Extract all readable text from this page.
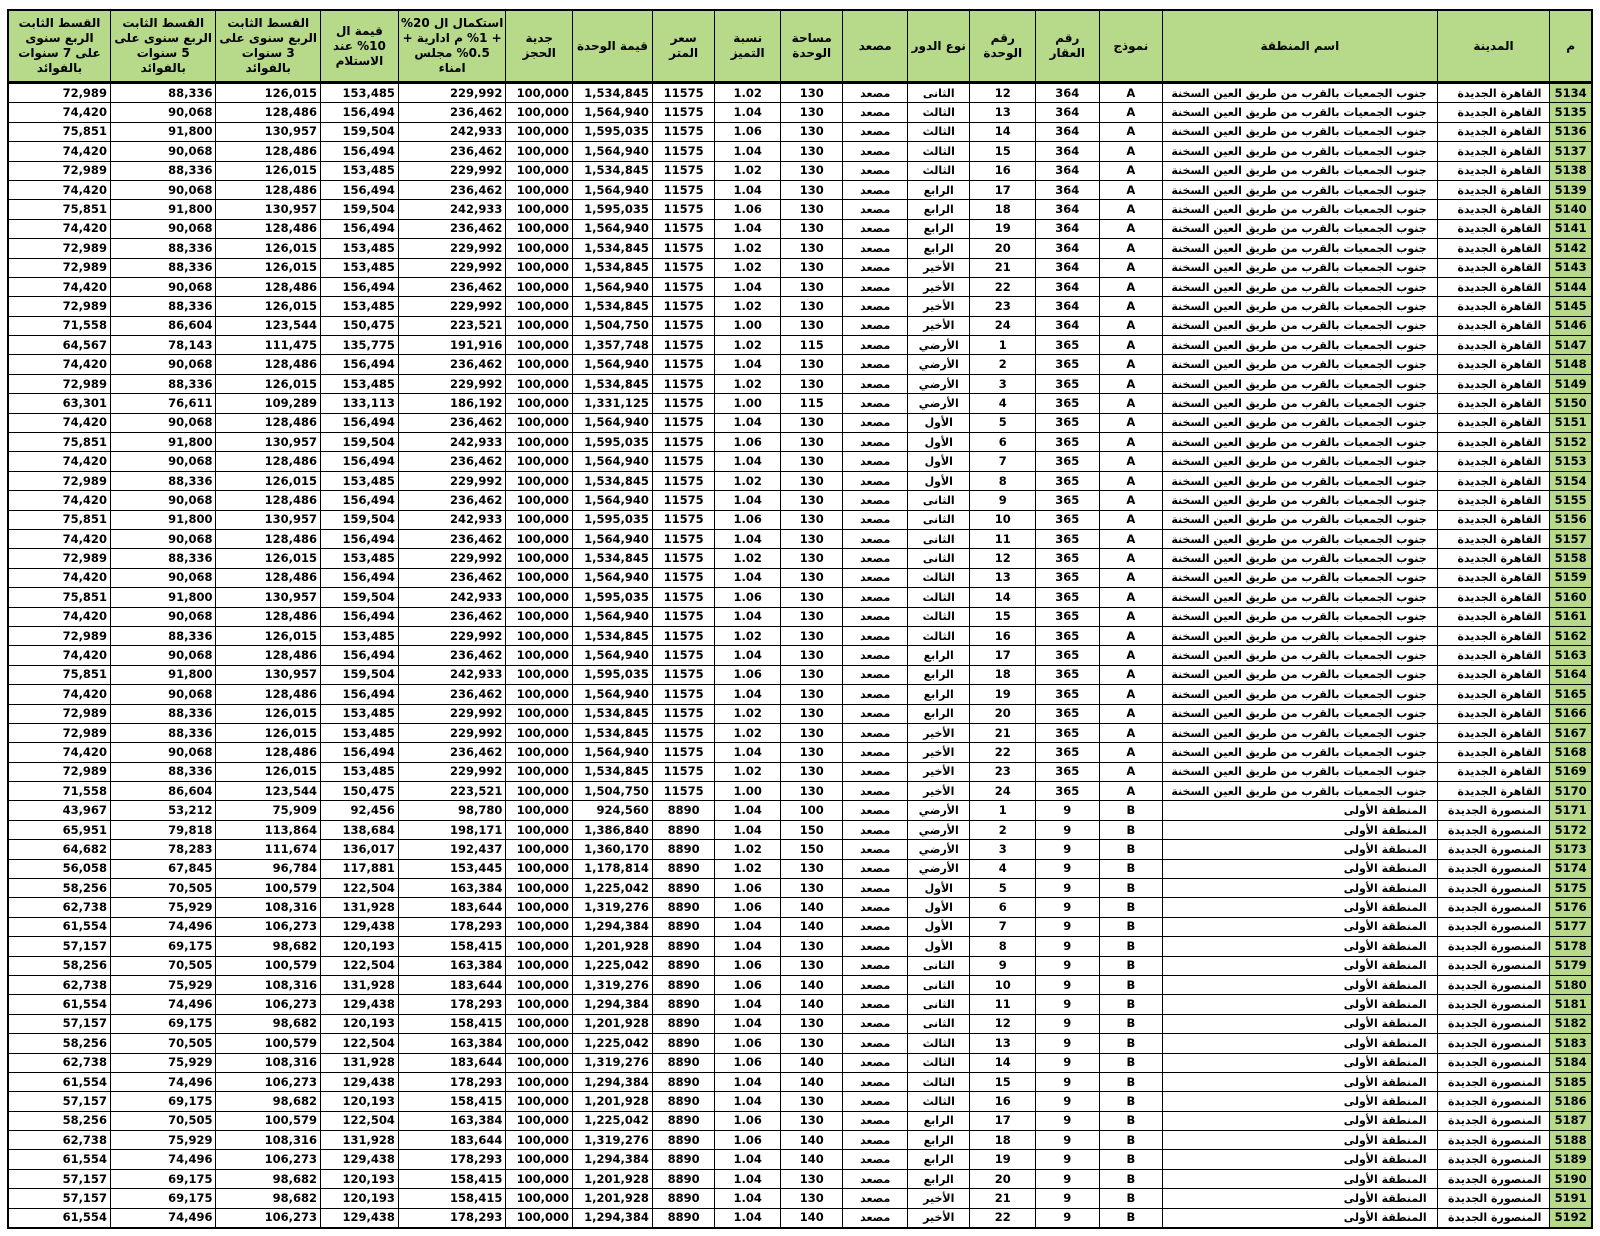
القسط الثابت الربع سنوى على 7 سنوات بالفوائد	القسط الثابت الربع سنوى على 5 سنوات بالفوائد	القسط الثابت الربع سنوى على 3 سنوات بالفوائد	قيمة ال 10% عند الاستلام	استكمال ال 20% + 1% م ادارية + 0.5% مجلس امناء	جدية الحجز	قيمة الوحدة	سعر المتر	نسبة التميز	مساحة الوحدة	مصعد	نوع الدور	رقم الوحدة	رقم العقار	نموذج	اسم المنطقة	المدينة	م
72,989	88,336	126,015	153,485	229,992	100,000	1,534,845	11575	1.02	130	مصعد	الثانى	12	364	A	جنوب الجمعيات بالقرب من طريق العين السخنة	القاهرة الجديدة	5134
74,420	90,068	128,486	156,494	236,462	100,000	1,564,940	11575	1.04	130	مصعد	الثالث	13	364	A	جنوب الجمعيات بالقرب من طريق العين السخنة	القاهرة الجديدة	5135
75,851	91,800	130,957	159,504	242,933	100,000	1,595,035	11575	1.06	130	مصعد	الثالث	14	364	A	جنوب الجمعيات بالقرب من طريق العين السخنة	القاهرة الجديدة	5136
74,420	90,068	128,486	156,494	236,462	100,000	1,564,940	11575	1.04	130	مصعد	الثالث	15	364	A	جنوب الجمعيات بالقرب من طريق العين السخنة	القاهرة الجديدة	5137
72,989	88,336	126,015	153,485	229,992	100,000	1,534,845	11575	1.02	130	مصعد	الثالث	16	364	A	جنوب الجمعيات بالقرب من طريق العين السخنة	القاهرة الجديدة	5138
74,420	90,068	128,486	156,494	236,462	100,000	1,564,940	11575	1.04	130	مصعد	الرابع	17	364	A	جنوب الجمعيات بالقرب من طريق العين السخنة	القاهرة الجديدة	5139
75,851	91,800	130,957	159,504	242,933	100,000	1,595,035	11575	1.06	130	مصعد	الرابع	18	364	A	جنوب الجمعيات بالقرب من طريق العين السخنة	القاهرة الجديدة	5140
74,420	90,068	128,486	156,494	236,462	100,000	1,564,940	11575	1.04	130	مصعد	الرابع	19	364	A	جنوب الجمعيات بالقرب من طريق العين السخنة	القاهرة الجديدة	5141
72,989	88,336	126,015	153,485	229,992	100,000	1,534,845	11575	1.02	130	مصعد	الرابع	20	364	A	جنوب الجمعيات بالقرب من طريق العين السخنة	القاهرة الجديدة	5142
72,989	88,336	126,015	153,485	229,992	100,000	1,534,845	11575	1.02	130	مصعد	الأخير	21	364	A	جنوب الجمعيات بالقرب من طريق العين السخنة	القاهرة الجديدة	5143
74,420	90,068	128,486	156,494	236,462	100,000	1,564,940	11575	1.04	130	مصعد	الأخير	22	364	A	جنوب الجمعيات بالقرب من طريق العين السخنة	القاهرة الجديدة	5144
72,989	88,336	126,015	153,485	229,992	100,000	1,534,845	11575	1.02	130	مصعد	الأخير	23	364	A	جنوب الجمعيات بالقرب من طريق العين السخنة	القاهرة الجديدة	5145
71,558	86,604	123,544	150,475	223,521	100,000	1,504,750	11575	1.00	130	مصعد	الأخير	24	364	A	جنوب الجمعيات بالقرب من طريق العين السخنة	القاهرة الجديدة	5146
64,567	78,143	111,475	135,775	191,916	100,000	1,357,748	11575	1.02	115	مصعد	الأرضي	1	365	A	جنوب الجمعيات بالقرب من طريق العين السخنة	القاهرة الجديدة	5147
74,420	90,068	128,486	156,494	236,462	100,000	1,564,940	11575	1.04	130	مصعد	الأرضي	2	365	A	جنوب الجمعيات بالقرب من طريق العين السخنة	القاهرة الجديدة	5148
72,989	88,336	126,015	153,485	229,992	100,000	1,534,845	11575	1.02	130	مصعد	الأرضي	3	365	A	جنوب الجمعيات بالقرب من طريق العين السخنة	القاهرة الجديدة	5149
63,301	76,611	109,289	133,113	186,192	100,000	1,331,125	11575	1.00	115	مصعد	الأرضي	4	365	A	جنوب الجمعيات بالقرب من طريق العين السخنة	القاهرة الجديدة	5150
74,420	90,068	128,486	156,494	236,462	100,000	1,564,940	11575	1.04	130	مصعد	الأول	5	365	A	جنوب الجمعيات بالقرب من طريق العين السخنة	القاهرة الجديدة	5151
75,851	91,800	130,957	159,504	242,933	100,000	1,595,035	11575	1.06	130	مصعد	الأول	6	365	A	جنوب الجمعيات بالقرب من طريق العين السخنة	القاهرة الجديدة	5152
74,420	90,068	128,486	156,494	236,462	100,000	1,564,940	11575	1.04	130	مصعد	الأول	7	365	A	جنوب الجمعيات بالقرب من طريق العين السخنة	القاهرة الجديدة	5153
72,989	88,336	126,015	153,485	229,992	100,000	1,534,845	11575	1.02	130	مصعد	الأول	8	365	A	جنوب الجمعيات بالقرب من طريق العين السخنة	القاهرة الجديدة	5154
74,420	90,068	128,486	156,494	236,462	100,000	1,564,940	11575	1.04	130	مصعد	الثانى	9	365	A	جنوب الجمعيات بالقرب من طريق العين السخنة	القاهرة الجديدة	5155
75,851	91,800	130,957	159,504	242,933	100,000	1,595,035	11575	1.06	130	مصعد	الثانى	10	365	A	جنوب الجمعيات بالقرب من طريق العين السخنة	القاهرة الجديدة	5156
74,420	90,068	128,486	156,494	236,462	100,000	1,564,940	11575	1.04	130	مصعد	الثانى	11	365	A	جنوب الجمعيات بالقرب من طريق العين السخنة	القاهرة الجديدة	5157
72,989	88,336	126,015	153,485	229,992	100,000	1,534,845	11575	1.02	130	مصعد	الثانى	12	365	A	جنوب الجمعيات بالقرب من طريق العين السخنة	القاهرة الجديدة	5158
74,420	90,068	128,486	156,494	236,462	100,000	1,564,940	11575	1.04	130	مصعد	الثالث	13	365	A	جنوب الجمعيات بالقرب من طريق العين السخنة	القاهرة الجديدة	5159
75,851	91,800	130,957	159,504	242,933	100,000	1,595,035	11575	1.06	130	مصعد	الثالث	14	365	A	جنوب الجمعيات بالقرب من طريق العين السخنة	القاهرة الجديدة	5160
74,420	90,068	128,486	156,494	236,462	100,000	1,564,940	11575	1.04	130	مصعد	الثالث	15	365	A	جنوب الجمعيات بالقرب من طريق العين السخنة	القاهرة الجديدة	5161
72,989	88,336	126,015	153,485	229,992	100,000	1,534,845	11575	1.02	130	مصعد	الثالث	16	365	A	جنوب الجمعيات بالقرب من طريق العين السخنة	القاهرة الجديدة	5162
74,420	90,068	128,486	156,494	236,462	100,000	1,564,940	11575	1.04	130	مصعد	الرابع	17	365	A	جنوب الجمعيات بالقرب من طريق العين السخنة	القاهرة الجديدة	5163
75,851	91,800	130,957	159,504	242,933	100,000	1,595,035	11575	1.06	130	مصعد	الرابع	18	365	A	جنوب الجمعيات بالقرب من طريق العين السخنة	القاهرة الجديدة	5164
74,420	90,068	128,486	156,494	236,462	100,000	1,564,940	11575	1.04	130	مصعد	الرابع	19	365	A	جنوب الجمعيات بالقرب من طريق العين السخنة	القاهرة الجديدة	5165
72,989	88,336	126,015	153,485	229,992	100,000	1,534,845	11575	1.02	130	مصعد	الرابع	20	365	A	جنوب الجمعيات بالقرب من طريق العين السخنة	القاهرة الجديدة	5166
72,989	88,336	126,015	153,485	229,992	100,000	1,534,845	11575	1.02	130	مصعد	الأخير	21	365	A	جنوب الجمعيات بالقرب من طريق العين السخنة	القاهرة الجديدة	5167
74,420	90,068	128,486	156,494	236,462	100,000	1,564,940	11575	1.04	130	مصعد	الأخير	22	365	A	جنوب الجمعيات بالقرب من طريق العين السخنة	القاهرة الجديدة	5168
72,989	88,336	126,015	153,485	229,992	100,000	1,534,845	11575	1.02	130	مصعد	الأخير	23	365	A	جنوب الجمعيات بالقرب من طريق العين السخنة	القاهرة الجديدة	5169
71,558	86,604	123,544	150,475	223,521	100,000	1,504,750	11575	1.00	130	مصعد	الأخير	24	365	A	جنوب الجمعيات بالقرب من طريق العين السخنة	القاهرة الجديدة	5170
43,967	53,212	75,909	92,456	98,780	100,000	924,560	8890	1.04	100	مصعد	الأرضي	1	9	B	المنطقة الأولى	المنصورة الجديدة	5171
65,951	79,818	113,864	138,684	198,171	100,000	1,386,840	8890	1.04	150	مصعد	الأرضي	2	9	B	المنطقة الأولى	المنصورة الجديدة	5172
64,682	78,283	111,674	136,017	192,437	100,000	1,360,170	8890	1.02	150	مصعد	الأرضي	3	9	B	المنطقة الأولى	المنصورة الجديدة	5173
56,058	67,845	96,784	117,881	153,445	100,000	1,178,814	8890	1.02	130	مصعد	الأرضي	4	9	B	المنطقة الأولى	المنصورة الجديدة	5174
58,256	70,505	100,579	122,504	163,384	100,000	1,225,042	8890	1.06	130	مصعد	الأول	5	9	B	المنطقة الأولى	المنصورة الجديدة	5175
62,738	75,929	108,316	131,928	183,644	100,000	1,319,276	8890	1.06	140	مصعد	الأول	6	9	B	المنطقة الأولى	المنصورة الجديدة	5176
61,554	74,496	106,273	129,438	178,293	100,000	1,294,384	8890	1.04	140	مصعد	الأول	7	9	B	المنطقة الأولى	المنصورة الجديدة	5177
57,157	69,175	98,682	120,193	158,415	100,000	1,201,928	8890	1.04	130	مصعد	الأول	8	9	B	المنطقة الأولى	المنصورة الجديدة	5178
58,256	70,505	100,579	122,504	163,384	100,000	1,225,042	8890	1.06	130	مصعد	الثانى	9	9	B	المنطقة الأولى	المنصورة الجديدة	5179
62,738	75,929	108,316	131,928	183,644	100,000	1,319,276	8890	1.06	140	مصعد	الثانى	10	9	B	المنطقة الأولى	المنصورة الجديدة	5180
61,554	74,496	106,273	129,438	178,293	100,000	1,294,384	8890	1.04	140	مصعد	الثانى	11	9	B	المنطقة الأولى	المنصورة الجديدة	5181
57,157	69,175	98,682	120,193	158,415	100,000	1,201,928	8890	1.04	130	مصعد	الثانى	12	9	B	المنطقة الأولى	المنصورة الجديدة	5182
58,256	70,505	100,579	122,504	163,384	100,000	1,225,042	8890	1.06	130	مصعد	الثالث	13	9	B	المنطقة الأولى	المنصورة الجديدة	5183
62,738	75,929	108,316	131,928	183,644	100,000	1,319,276	8890	1.06	140	مصعد	الثالث	14	9	B	المنطقة الأولى	المنصورة الجديدة	5184
61,554	74,496	106,273	129,438	178,293	100,000	1,294,384	8890	1.04	140	مصعد	الثالث	15	9	B	المنطقة الأولى	المنصورة الجديدة	5185
57,157	69,175	98,682	120,193	158,415	100,000	1,201,928	8890	1.04	130	مصعد	الثالث	16	9	B	المنطقة الأولى	المنصورة الجديدة	5186
58,256	70,505	100,579	122,504	163,384	100,000	1,225,042	8890	1.06	130	مصعد	الرابع	17	9	B	المنطقة الأولى	المنصورة الجديدة	5187
62,738	75,929	108,316	131,928	183,644	100,000	1,319,276	8890	1.06	140	مصعد	الرابع	18	9	B	المنطقة الأولى	المنصورة الجديدة	5188
61,554	74,496	106,273	129,438	178,293	100,000	1,294,384	8890	1.04	140	مصعد	الرابع	19	9	B	المنطقة الأولى	المنصورة الجديدة	5189
57,157	69,175	98,682	120,193	158,415	100,000	1,201,928	8890	1.04	130	مصعد	الرابع	20	9	B	المنطقة الأولى	المنصورة الجديدة	5190
57,157	69,175	98,682	120,193	158,415	100,000	1,201,928	8890	1.04	130	مصعد	الأخير	21	9	B	المنطقة الأولى	المنصورة الجديدة	5191
61,554	74,496	106,273	129,438	178,293	100,000	1,294,384	8890	1.04	140	مصعد	الأخير	22	9	B	المنطقة الأولى	المنصورة الجديدة	5192
